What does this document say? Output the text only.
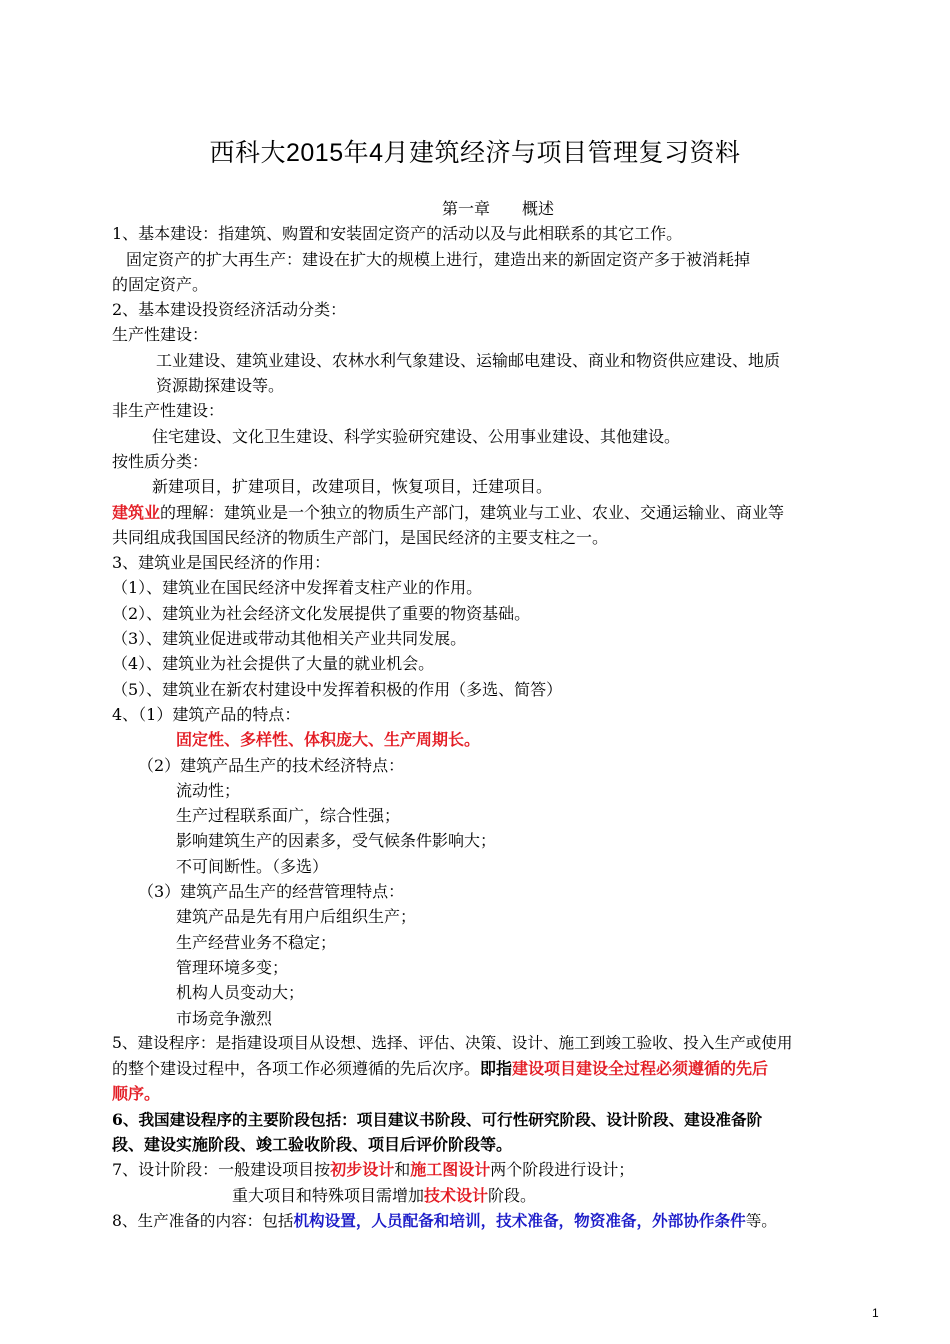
西科大2015年4月建筑经济与项目管理复习资料
第一章　　概述
1、基本建设：指建筑、购置和安装固定资产的活动以及与此相联系的其它工作。
固定资产的扩大再生产：建设在扩大的规模上进行，建造出来的新固定资产多于被消耗掉
的固定资产。
2、基本建设投资经济活动分类：
生产性建设：
工业建设、建筑业建设、农林水利气象建设、运输邮电建设、商业和物资供应建设、地质
资源勘探建设等。
非生产性建设：
住宅建设、文化卫生建设、科学实验研究建设、公用事业建设、其他建设。
按性质分类：
新建项目，扩建项目，改建项目，恢复项目，迁建项目。
建筑业的理解：建筑业是一个独立的物质生产部门，建筑业与工业、农业、交通运输业、商业等
共同组成我国国民经济的物质生产部门，是国民经济的主要支柱之一。
3、建筑业是国民经济的作用：
（1）、建筑业在国民经济中发挥着支柱产业的作用。
（2）、建筑业为社会经济文化发展提供了重要的物资基础。
（3）、建筑业促进或带动其他相关产业共同发展。
（4）、建筑业为社会提供了大量的就业机会。
（5）、建筑业在新农村建设中发挥着积极的作用（多选、简答）
4、（1）建筑产品的特点：
固定性、多样性、体积庞大、生产周期长。
（2）建筑产品生产的技术经济特点：
流动性；
生产过程联系面广，综合性强；
影响建筑生产的因素多，受气候条件影响大；
不可间断性。（多选）
（3）建筑产品生产的经营管理特点：
建筑产品是先有用户后组织生产；
生产经营业务不稳定；
管理环境多变；
机构人员变动大；
市场竞争激烈
5、建设程序：是指建设项目从设想、选择、评估、决策、设计、施工到竣工验收、投入生产或使用
的整个建设过程中，各项工作必须遵循的先后次序。即指建设项目建设全过程必须遵循的先后
顺序。
6、我国建设程序的主要阶段包括：项目建议书阶段、可行性研究阶段、设计阶段、建设准备阶
段、建设实施阶段、竣工验收阶段、项目后评价阶段等。
7、设计阶段：一般建设项目按初步设计和施工图设计两个阶段进行设计；
重大项目和特殊项目需增加技术设计阶段。
8、生产准备的内容：包括机构设置，人员配备和培训，技术准备，物资准备，外部协作条件等。
1
